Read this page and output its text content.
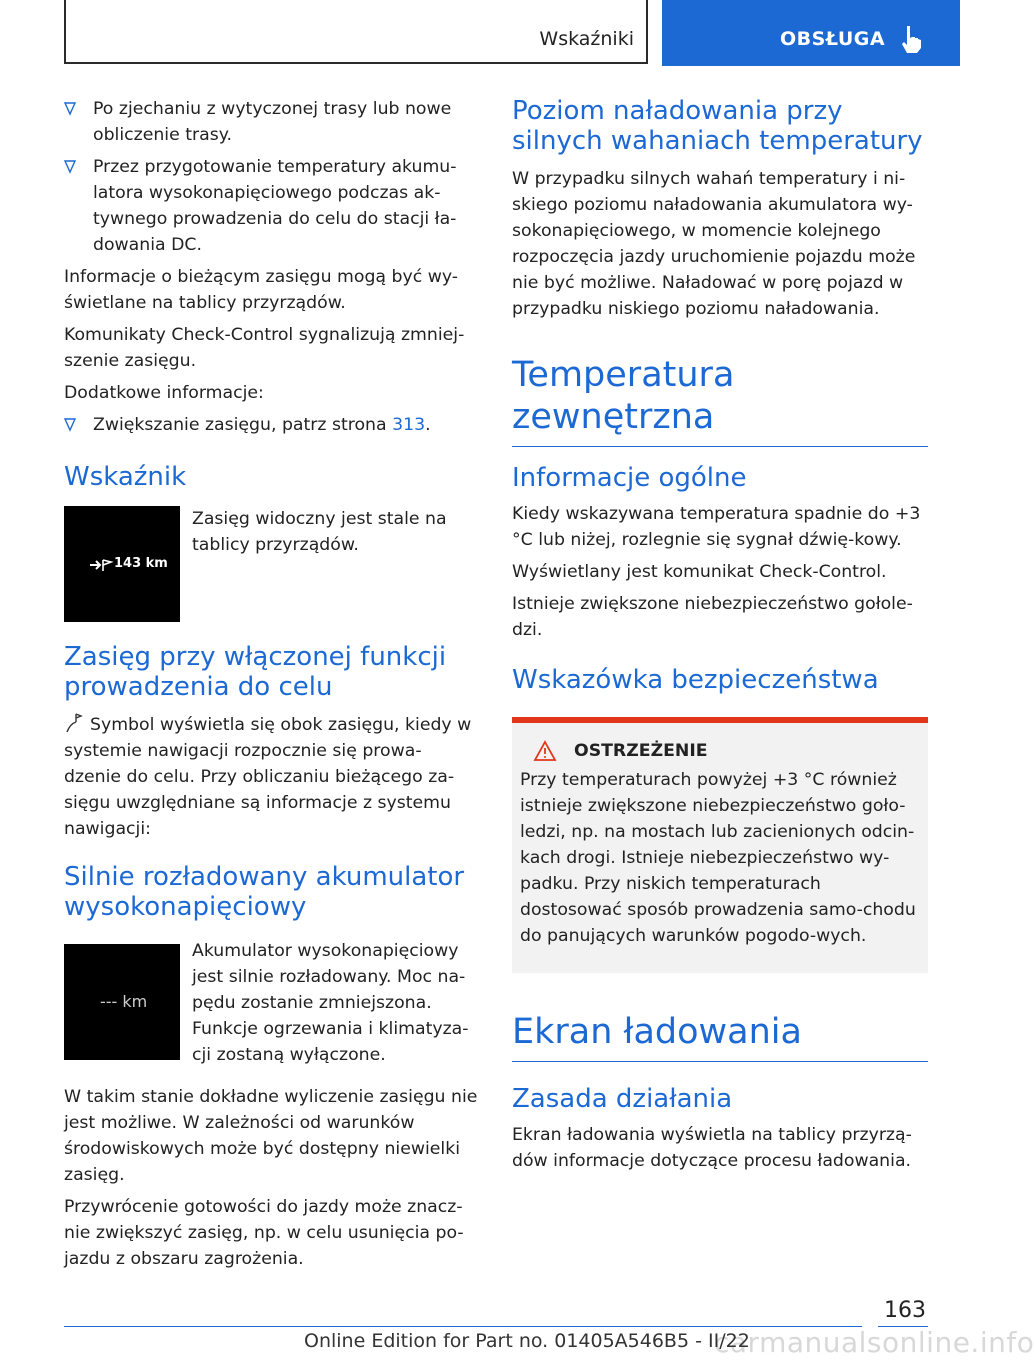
Wskaźniki	OBSŁUGA
Po zjechaniu z wytyczonej trasy lub nowe obliczenie trasy.
Przez przygotowanie temperatury akumu-latora wysokonapięciowego podczas ak-tywnego prowadzenia do celu do stacji ła-dowania DC.

Informacje o bieżącym zasięgu mogą być wy-świetlane na tablicy przyrządów.

Komunikaty Check-Control sygnalizują zmniej-szenie zasięgu.

Dodatkowe informacje:

Zwiększanie zasięgu, patrz strona 313.
Wskaźnik
143 km

Zasięg widoczny jest stale na tablicy przyrządów.

Zasięg przy włączonej funkcji prowadzenia do celu

Symbol wyświetla się obok zasięgu, kiedy w systemie nawigacji rozpocznie się prowa-dzenie do celu. Przy obliczaniu bieżącego za-sięgu uwzględniane są informacje z systemu nawigacji:

Silnie rozładowany akumulator wysokonapięciowy
--- km

Akumulator wysokonapięciowy jest silnie rozładowany. Moc na-pędu zostanie zmniejszona. Funkcje ogrzewania i klimatyza-cji zostaną wyłączone.

W takim stanie dokładne wyliczenie zasięgu nie jest możliwe. W zależności od warunków środowiskowych może być dostępny niewielki zasięg.

Przywrócenie gotowości do jazdy może znacz-nie zwiększyć zasięg, np. w celu usunięcia po-jazdu z obszaru zagrożenia.

Poziom naładowania przy silnych wahaniach temperatury

W przypadku silnych wahań temperatury i ni-skiego poziomu naładowania akumulatora wy-sokonapięciowego, w momencie kolejnego rozpoczęcia jazdy uruchomienie pojazdu może nie być możliwe. Naładować w porę pojazd w przypadku niskiego poziomu naładowania.

Temperatura zewnętrzna
Informacje ogólne

Kiedy wskazywana temperatura spadnie do +3 °C lub niżej, rozlegnie się sygnał dźwię-kowy.

Wyświetlany jest komunikat Check-Control.

Istnieje zwiększone niebezpieczeństwo gołole-dzi.

Wskazówka bezpieczeństwa
OSTRZEŻENIE

Przy temperaturach powyżej +3 °C również istnieje zwiększone niebezpieczeństwo goło-ledzi, np. na mostach lub zacienionych odcin-kach drogi. Istnieje niebezpieczeństwo wy-padku. Przy niskich temperaturach dostosować sposób prowadzenia samo-chodu do panujących warunków pogodo-wych.

Ekran ładowania
Zasada działania

Ekran ładowania wyświetla na tablicy przyrzą-dów informacje dotyczące procesu ładowania.

163
carmanualsonline.info
Online Edition for Part no. 01405A546B5 - II/22
